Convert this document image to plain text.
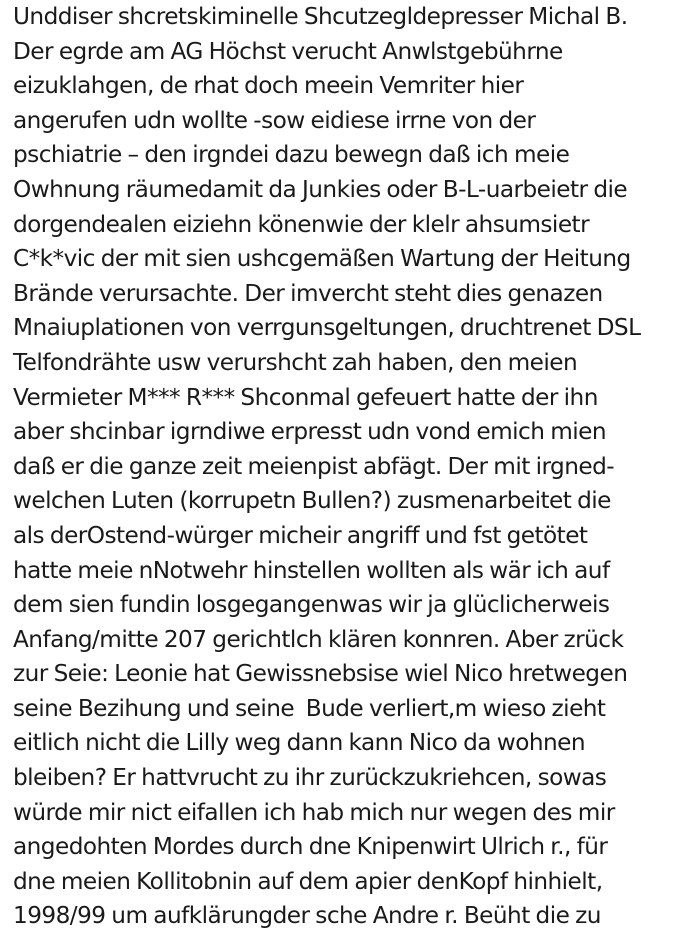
Unddiser shcretskiminelle Shcutzegldepresser Michal B.
Der egrde am AG Höchst verucht Anwlstgebührne
eizuklahgen, de rhat doch meein Vemriter hier
angerufen udn wollte -sow eidiese irrne von der
pschiatrie – den irgndei dazu bewegn daß ich meie
Owhnung räumedamit da Junkies oder B-L-uarbeietr die
dorgendealen eiziehn könenwie der klelr ahsumsietr
C*k*vic der mit sien ushcgemäßen Wartung der Heitung
Brände verursachte. Der imvercht steht dies genazen
Mnaiuplationen von verrgunsgeltungen, druchtrenet DSL
Telfondrähte usw verurshcht zah haben, den meien
Vermieter M*** R*** Shconmal gefeuert hatte der ihn
aber shcinbar igrndiwe erpresst udn vond emich mien
daß er die ganze zeit meienpist abfägt. Der mit irgned-
welchen Luten (korrupetn Bullen?) zusmenarbeitet die
als derOstend-würger micheir angriff und fst getötet
hatte meie nNotwehr hinstellen wollten als wär ich auf
dem sien fundin losgegangenwas wir ja glüclicherweis
Anfang/mitte 207 gerichtlch klären konnren. Aber zrück
zur Seie: Leonie hat Gewissnebsise wiel Nico hretwegen
seine Bezihung und seine  Bude verliert,m wieso zieht
eitlich nicht die Lilly weg dann kann Nico da wohnen
bleiben? Er hattvrucht zu ihr zurückzukriehcen, sowas
würde mir nict eifallen ich hab mich nur wegen des mir
angedohten Mordes durch dne Knipenwirt Ulrich r., für
dne meien Kollitobnin auf dem apier denKopf hinhielt,
1998/99 um aufklärungder sche Andre r. Beüht die zu
